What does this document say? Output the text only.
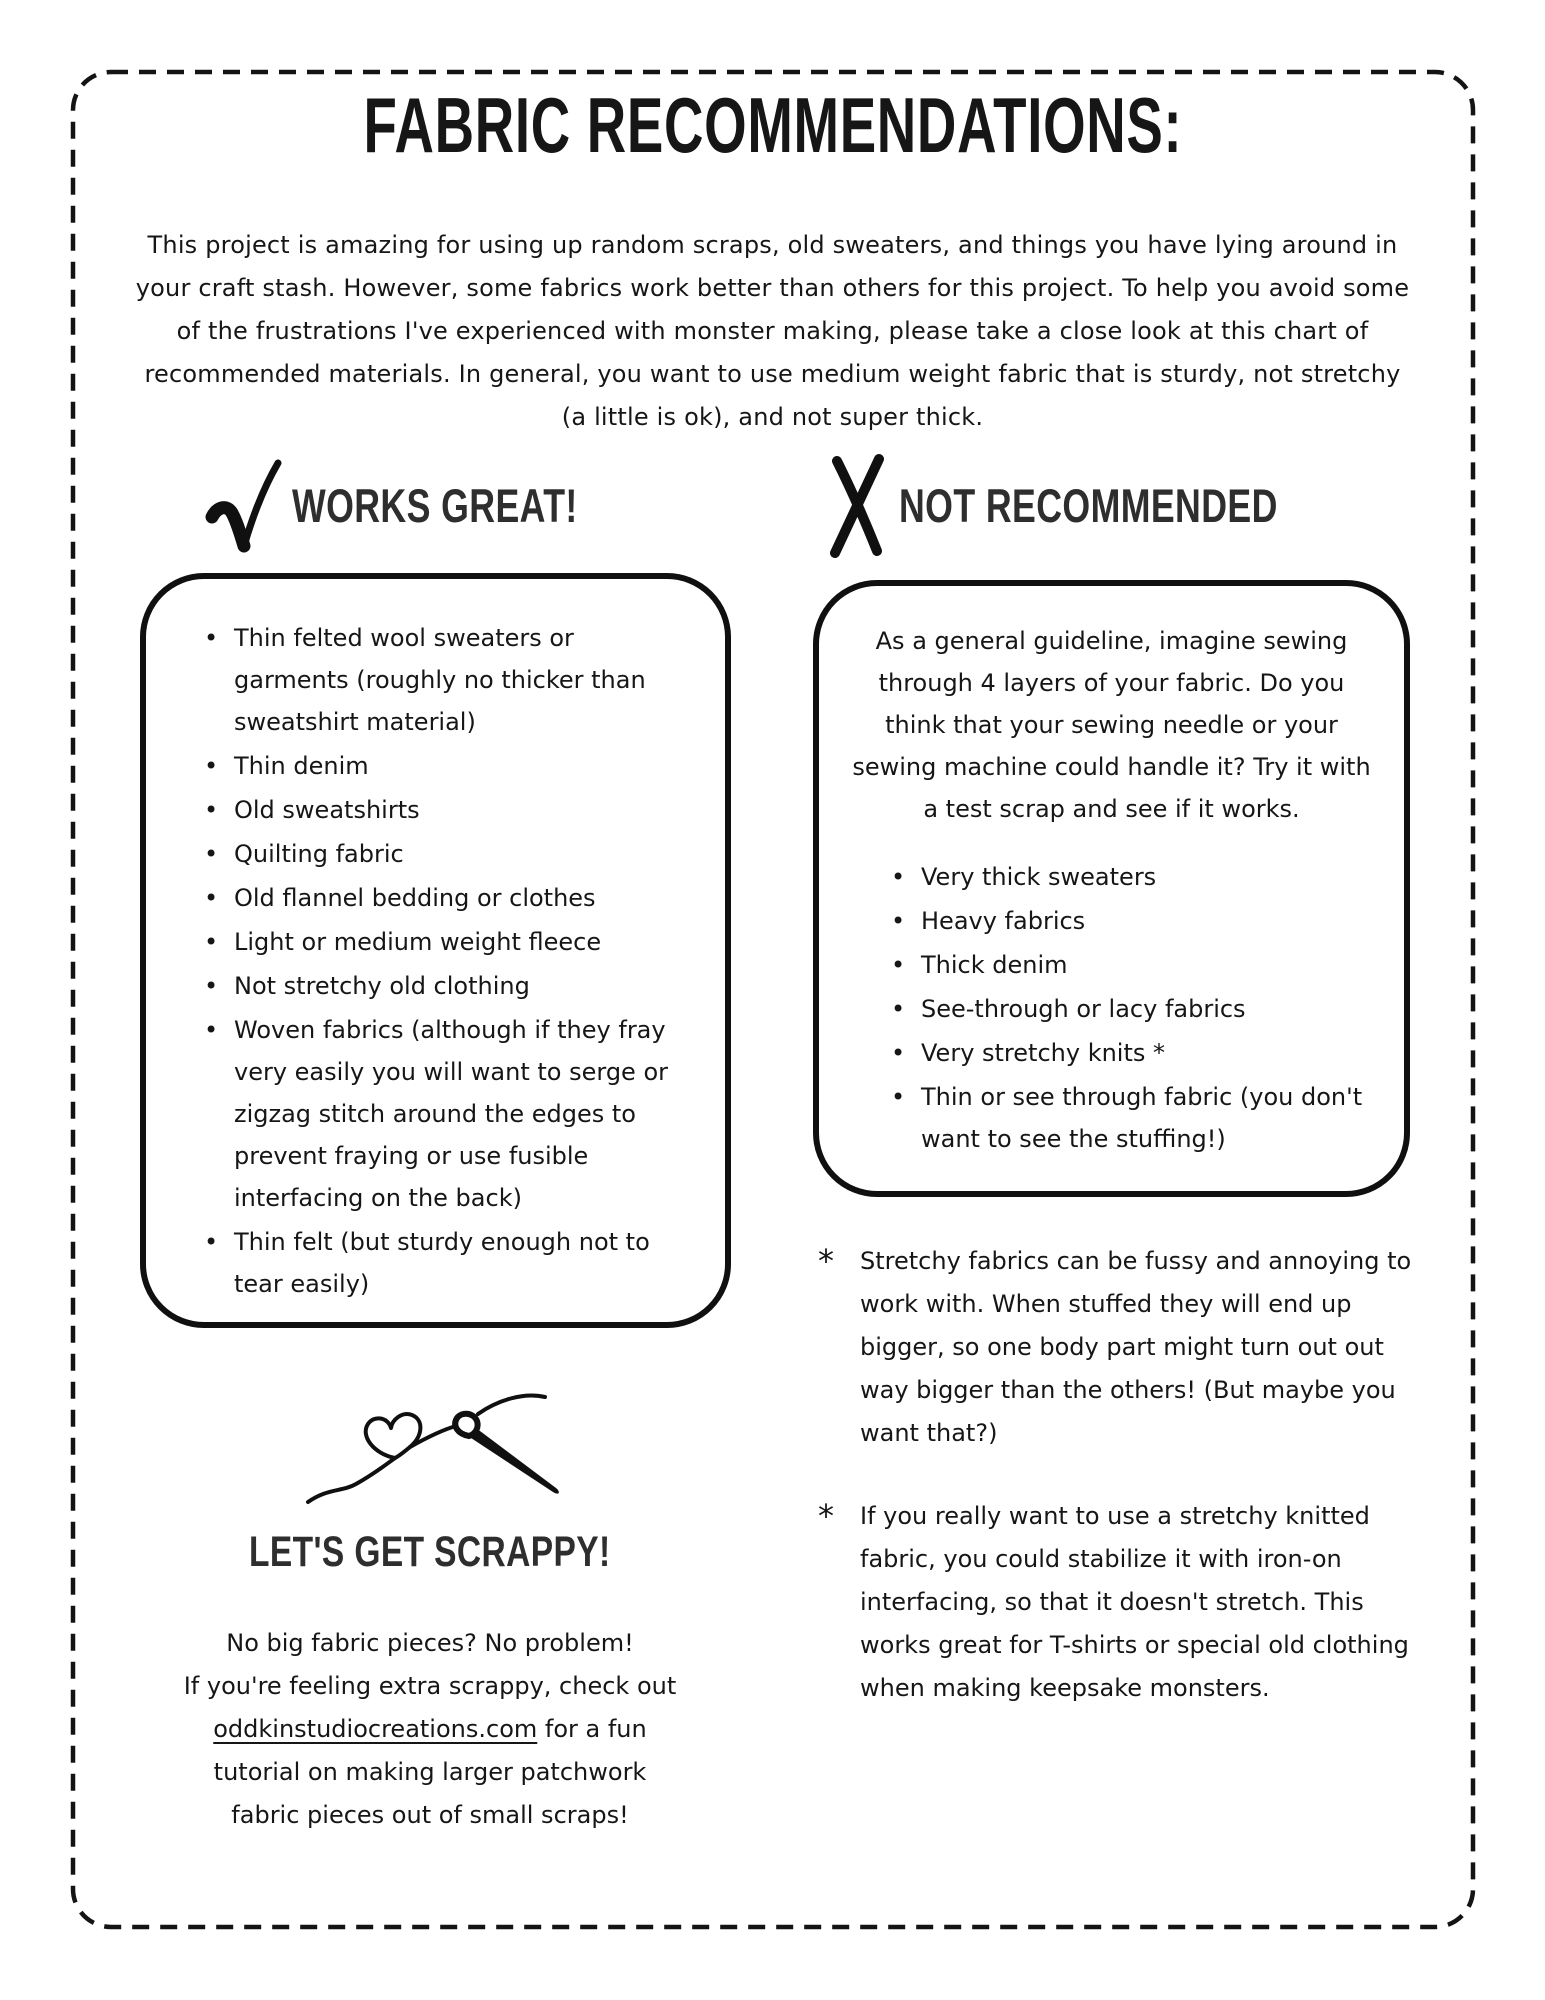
FABRIC RECOMMENDATIONS:

This project is amazing for using up random scraps, old sweaters, and things you have lying around in your craft stash. However, some fabrics work better than others for this project. To help you avoid some of the frustrations I've experienced with monster making, please take a close look at this chart of recommended materials. In general, you want to use medium weight fabric that is sturdy, not stretchy (a little is ok), and not super thick.

WORKS GREAT!	NOT RECOMMENDED
• Thin felted wool sweaters or garments (roughly no thicker than sweatshirt material)
• Thin denim
• Old sweatshirts
• Quilting fabric
• Old flannel bedding or clothes
• Light or medium weight fleece
• Not stretchy old clothing
• Woven fabrics (although if they fray very easily you will want to serge or zigzag stitch around the edges to prevent fraying or use fusible interfacing on the back)
• Thin felt (but sturdy enough not to tear easily)

As a general guideline, imagine sewing through 4 layers of your fabric. Do you think that your sewing needle or your sewing machine could handle it? Try it with a test scrap and see if it works.

• Very thick sweaters
• Heavy fabrics
• Thick denim
• See-through or lacy fabrics
• Very stretchy knits *
• Thin or see through fabric (you don't want to see the stuffing!)
*	Stretchy fabrics can be fussy and annoying to work with. When stuffed they will end up bigger, so one body part might turn out out way bigger than the others! (But maybe you want that?)

*	If you really want to use a stretchy knitted fabric, you could stabilize it with iron-on interfacing, so that it doesn't stretch. This works great for T-shirts or special old clothing when making keepsake monsters.

LET'S GET SCRAPPY!

No big fabric pieces? No problem!
If you're feeling extra scrappy, check out
oddkinstudiocreations.com for a fun
tutorial on making larger patchwork
fabric pieces out of small scraps!
